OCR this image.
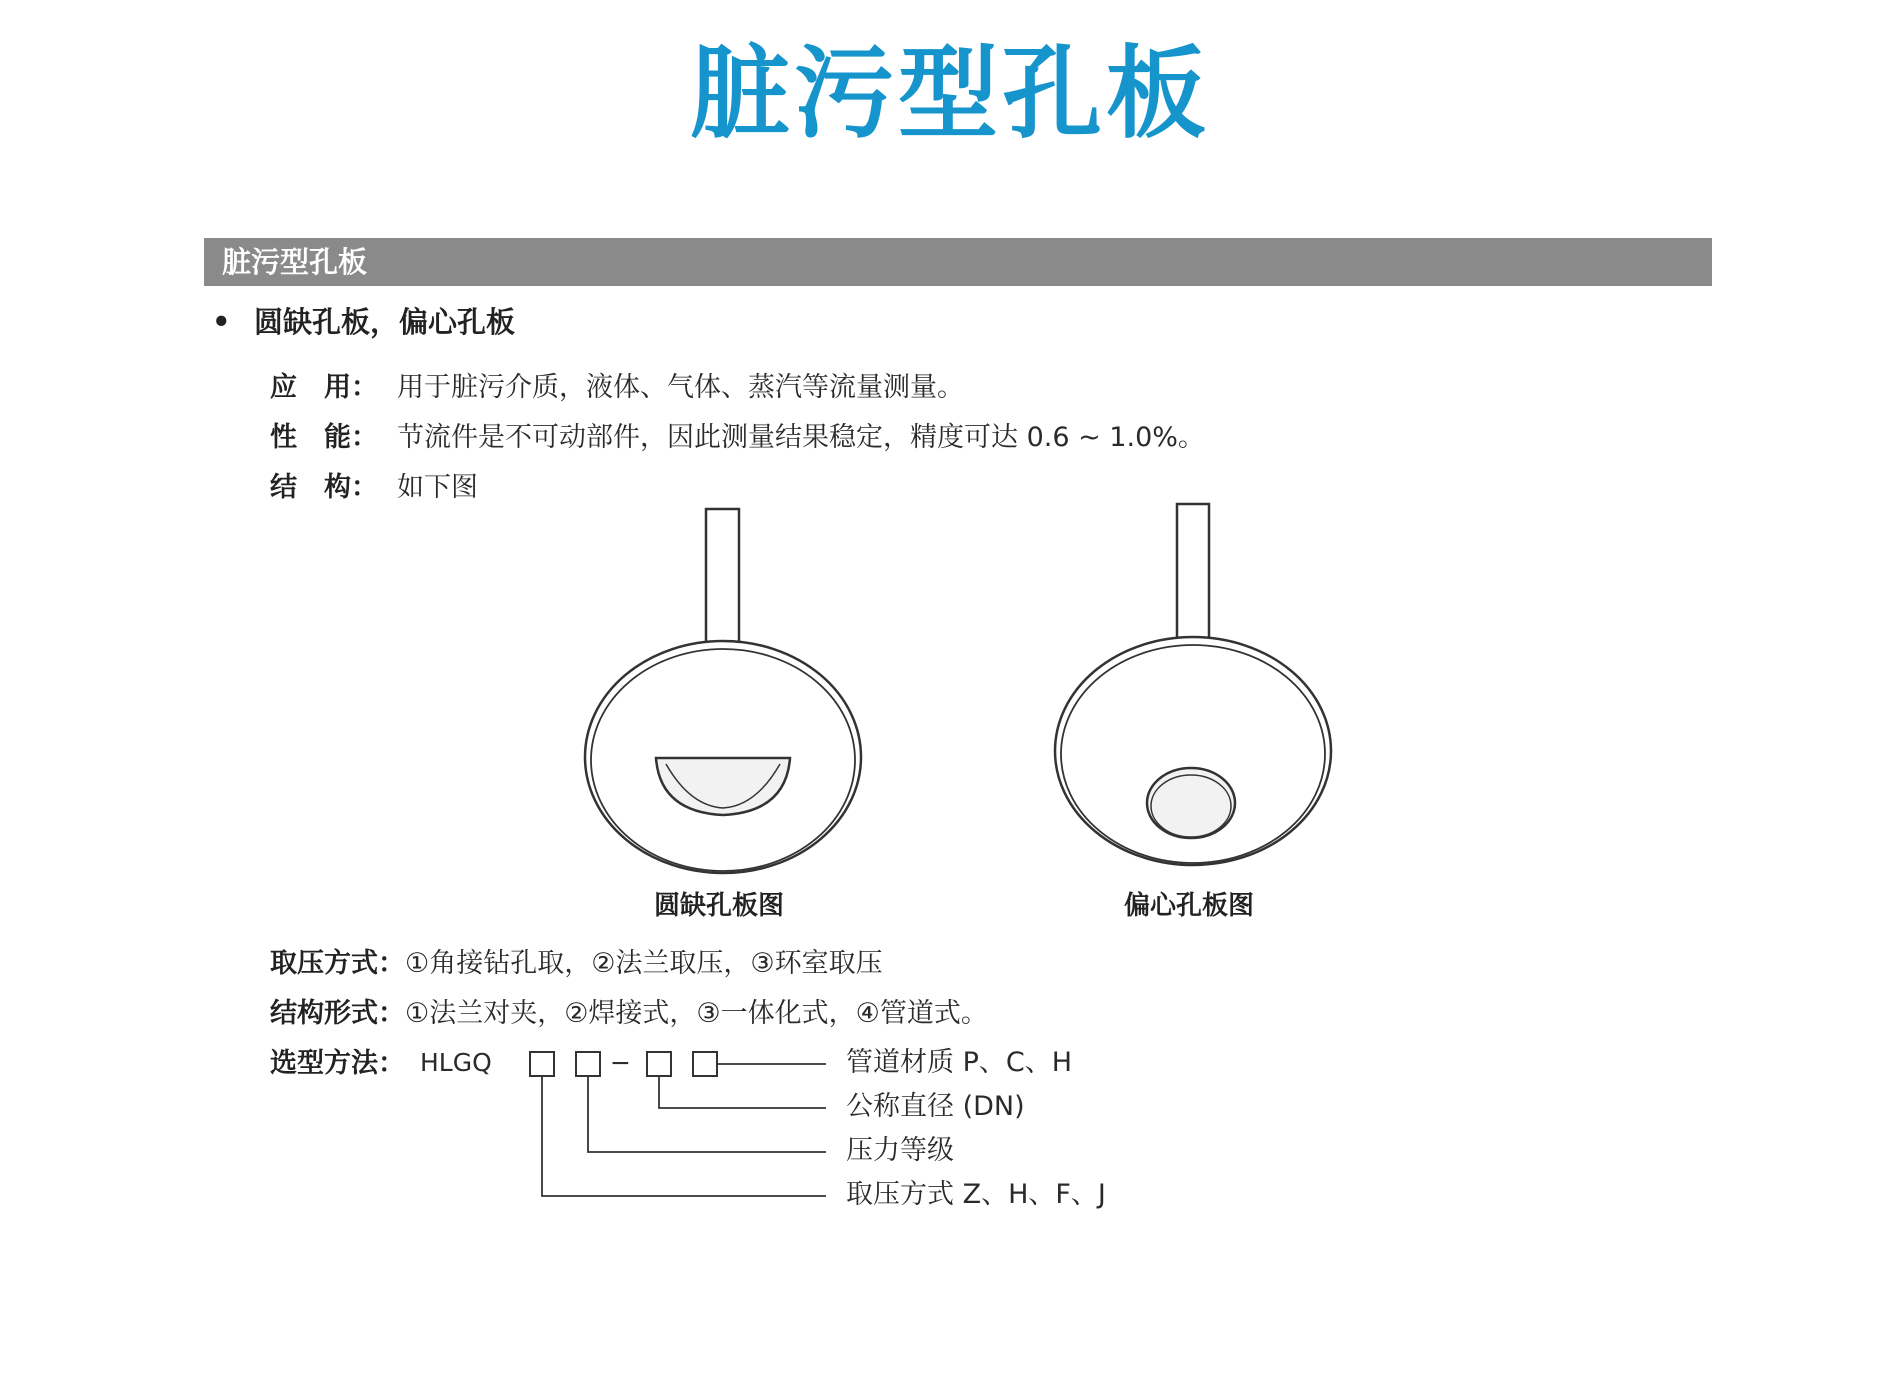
脏污型孔板
脏污型孔板
• 圆缺孔板，偏心孔板
应　用： 用于脏污介质，液体、气体、蒸汽等流量测量。
性　能： 节流件是不可动部件，因此测量结果稳定，精度可达 0.6 ~ 1.0%。
结　构： 如下图
圆缺孔板图	偏心孔板图
取压方式：①角接钻孔取，②法兰取压，③环室取压
结构形式：①法兰对夹，②焊接式，③一体化式，④管道式。
选型方法： HLGQ	−	管道材质 P、C、H
公称直径 (DN)
压力等级
取压方式 Z、H、F、J
